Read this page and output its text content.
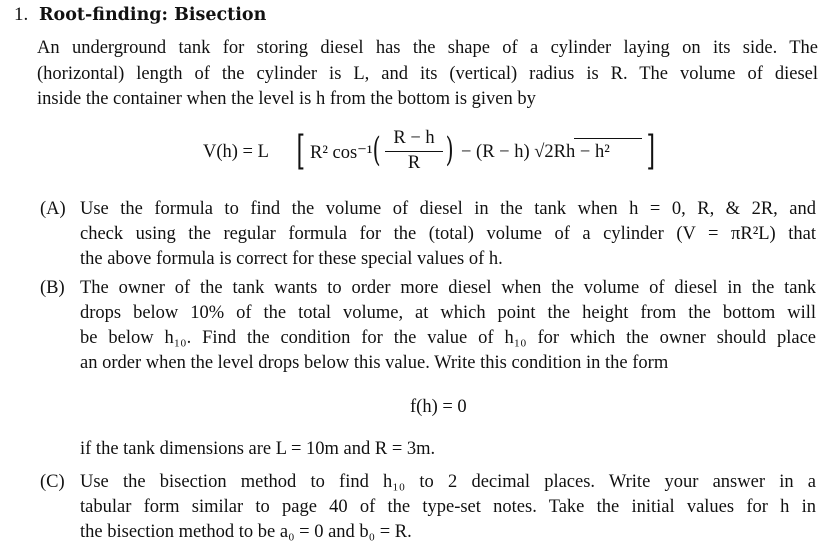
1. Root-finding: Bisection
An underground tank for storing diesel has the shape of a cylinder laying on its side. The
(horizontal) length of the cylinder is L, and its (vertical) radius is R. The volume of diesel
inside the container when the level is h from the bottom is given by
V(h) = L [ R² cos⁻¹ ( R − h
R ) − (R − h) √2Rh − h² ]
(A) Use the formula to find the volume of diesel in the tank when h = 0, R, & 2R, and
check using the regular formula for the (total) volume of a cylinder (V = πR²L) that
the above formula is correct for these special values of h.
(B) The owner of the tank wants to order more diesel when the volume of diesel in the tank
drops below 10% of the total volume, at which point the height from the bottom will
be below h₁₀. Find the condition for the value of h₁₀ for which the owner should place
an order when the level drops below this value. Write this condition in the form
f(h) = 0
if the tank dimensions are L = 10m and R = 3m.
(C) Use the bisection method to find h₁₀ to 2 decimal places. Write your answer in a
tabular form similar to page 40 of the type-set notes. Take the initial values for h in
the bisection method to be a₀ = 0 and b₀ = R.
